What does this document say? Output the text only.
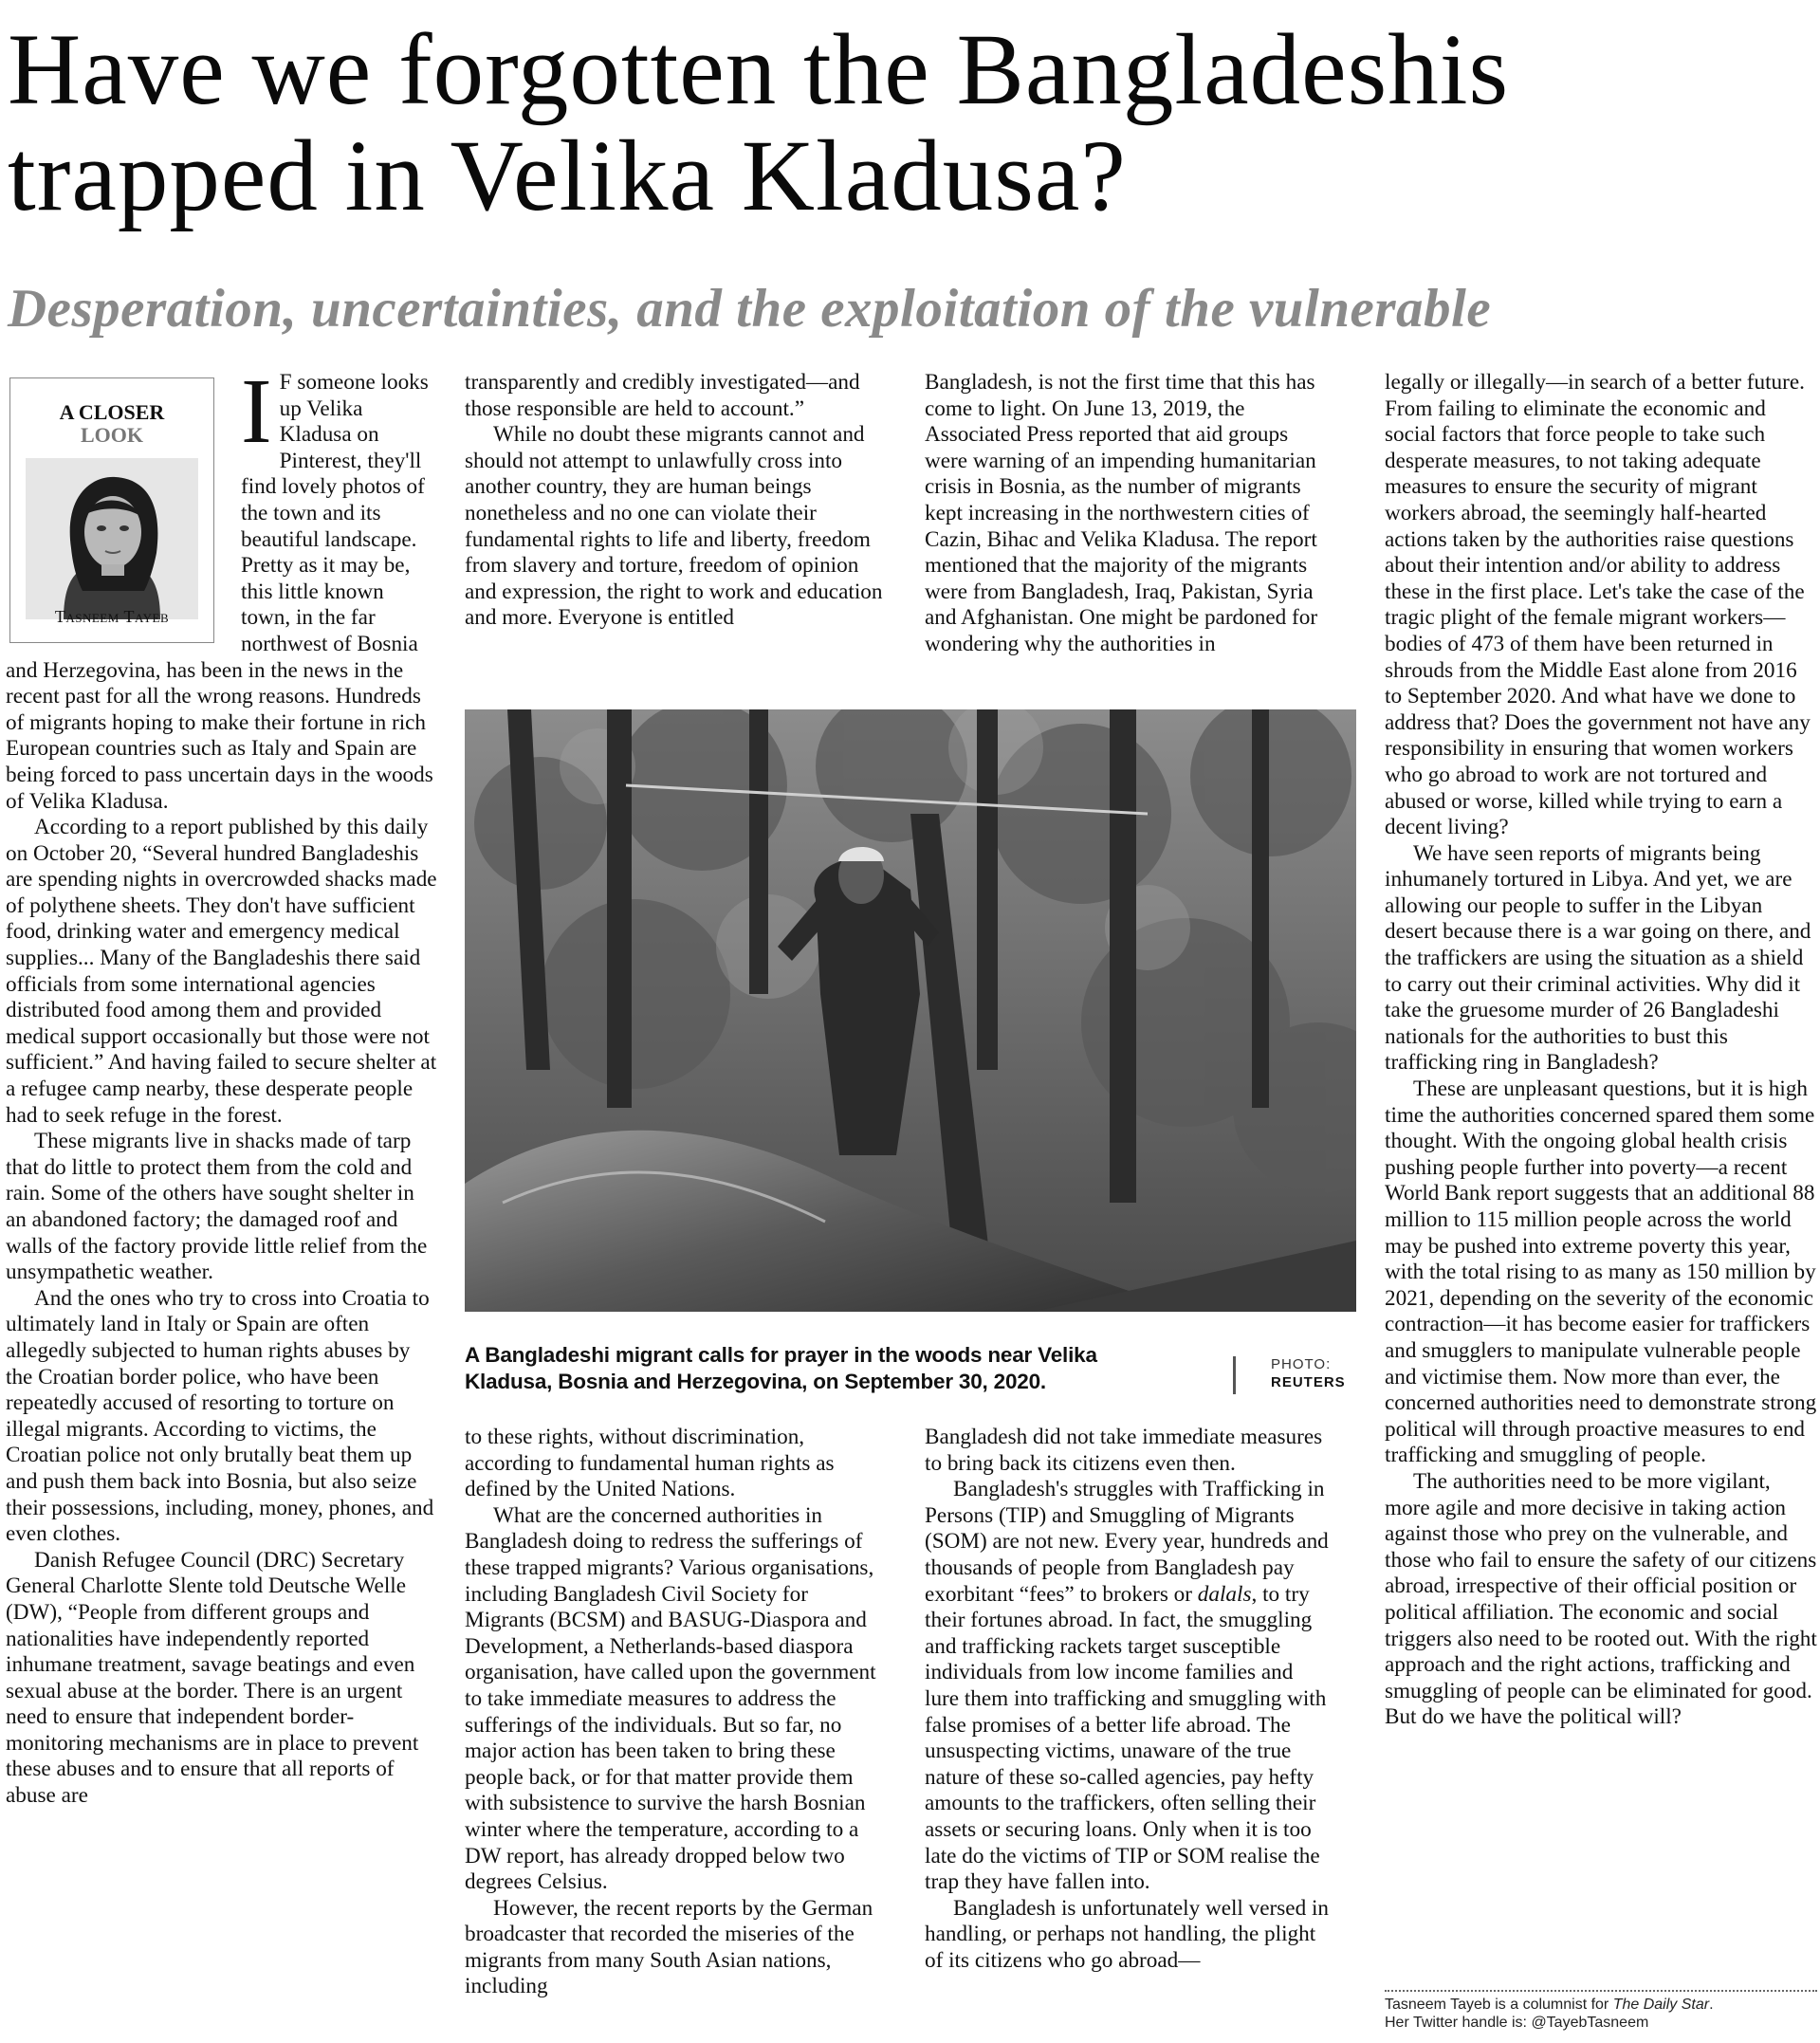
Have we forgotten the Bangladeshis
trapped in Velika Kladusa?
Desperation, uncertainties, and the exploitation of the vulnerable
A CLOSER
LOOK
Tasneem Tayeb

I F someone looks up Velika Kladusa on Pinterest, they'll find lovely photos of the town and its beautiful landscape. Pretty as it may be, this little known town, in the far northwest of Bosnia and Herzegovina, has been in the news in the recent past for all the wrong reasons. Hundreds of migrants hoping to make their fortune in rich European countries such as Italy and Spain are being forced to pass uncertain days in the woods of Velika Kladusa.

According to a report published by this daily on October 20, “Several hundred Bangladeshis are spending nights in overcrowded shacks made of polythene sheets. They don't have sufficient food, drinking water and emergency medical supplies... Many of the Bangladeshis there said officials from some international agencies distributed food among them and provided medical support occasionally but those were not sufficient.” And having failed to secure shelter at a refugee camp nearby, these desperate people had to seek refuge in the forest.

These migrants live in shacks made of tarp that do little to protect them from the cold and rain. Some of the others have sought shelter in an abandoned factory; the damaged roof and walls of the factory provide little relief from the unsympathetic weather.

And the ones who try to cross into Croatia to ultimately land in Italy or Spain are often allegedly subjected to human rights abuses by the Croatian border police, who have been repeatedly accused of resorting to torture on illegal migrants. According to victims, the Croatian police not only brutally beat them up and push them back into Bosnia, but also seize their possessions, including, money, phones, and even clothes.

Danish Refugee Council (DRC) Secretary General Charlotte Slente told Deutsche Welle (DW), “People from different groups and nationalities have independently reported inhumane treatment, savage beatings and even sexual abuse at the border. There is an urgent need to ensure that independent border-monitoring mechanisms are in place to prevent these abuses and to ensure that all reports of abuse are

transparently and credibly investigated—and those responsible are held to account.”

While no doubt these migrants cannot and should not attempt to unlawfully cross into another country, they are human beings nonetheless and no one can violate their fundamental rights to life and liberty, freedom from slavery and torture, freedom of opinion and expression, the right to work and education and more. Everyone is entitled

Bangladesh, is not the first time that this has come to light. On June 13, 2019, the Associated Press reported that aid groups were warning of an impending humanitarian crisis in Bosnia, as the number of migrants kept increasing in the northwestern cities of Cazin, Bihac and Velika Kladusa. The report mentioned that the majority of the migrants were from Bangladesh, Iraq, Pakistan, Syria and Afghanistan. One might be pardoned for wondering why the authorities in

A Bangladeshi migrant calls for prayer in the woods near Velika Kladusa, Bosnia and Herzegovina, on September 30, 2020.
PHOTO:
REUTERS

to these rights, without discrimination, according to fundamental human rights as defined by the United Nations.

What are the concerned authorities in Bangladesh doing to redress the sufferings of these trapped migrants? Various organisations, including Bangladesh Civil Society for Migrants (BCSM) and BASUG-Diaspora and Development, a Netherlands-based diaspora organisation, have called upon the government to take immediate measures to address the sufferings of the individuals. But so far, no major action has been taken to bring these people back, or for that matter provide them with subsistence to survive the harsh Bosnian winter where the temperature, according to a DW report, has already dropped below two degrees Celsius.

However, the recent reports by the German broadcaster that recorded the miseries of the migrants from many South Asian nations, including

Bangladesh did not take immediate measures to bring back its citizens even then.

Bangladesh's struggles with Trafficking in Persons (TIP) and Smuggling of Migrants (SOM) are not new. Every year, hundreds and thousands of people from Bangladesh pay exorbitant “fees” to brokers or dalals, to try their fortunes abroad. In fact, the smuggling and trafficking rackets target susceptible individuals from low income families and lure them into trafficking and smuggling with false promises of a better life abroad. The unsuspecting victims, unaware of the true nature of these so-called agencies, pay hefty amounts to the traffickers, often selling their assets or securing loans. Only when it is too late do the victims of TIP or SOM realise the trap they have fallen into.

Bangladesh is unfortunately well versed in handling, or perhaps not handling, the plight of its citizens who go abroad—

legally or illegally—in search of a better future. From failing to eliminate the economic and social factors that force people to take such desperate measures, to not taking adequate measures to ensure the security of migrant workers abroad, the seemingly half-hearted actions taken by the authorities raise questions about their intention and/or ability to address these in the first place. Let's take the case of the tragic plight of the female migrant workers—bodies of 473 of them have been returned in shrouds from the Middle East alone from 2016 to September 2020. And what have we done to address that? Does the government not have any responsibility in ensuring that women workers who go abroad to work are not tortured and abused or worse, killed while trying to earn a decent living?

We have seen reports of migrants being inhumanely tortured in Libya. And yet, we are allowing our people to suffer in the Libyan desert because there is a war going on there, and the traffickers are using the situation as a shield to carry out their criminal activities. Why did it take the gruesome murder of 26 Bangladeshi nationals for the authorities to bust this trafficking ring in Bangladesh?

These are unpleasant questions, but it is high time the authorities concerned spared them some thought. With the ongoing global health crisis pushing people further into poverty—a recent World Bank report suggests that an additional 88 million to 115 million people across the world may be pushed into extreme poverty this year, with the total rising to as many as 150 million by 2021, depending on the severity of the economic contraction—it has become easier for traffickers and smugglers to manipulate vulnerable people and victimise them. Now more than ever, the concerned authorities need to demonstrate strong political will through proactive measures to end trafficking and smuggling of people.

The authorities need to be more vigilant, more agile and more decisive in taking action against those who prey on the vulnerable, and those who fail to ensure the safety of our citizens abroad, irrespective of their official position or political affiliation. The economic and social triggers also need to be rooted out. With the right approach and the right actions, trafficking and smuggling of people can be eliminated for good. But do we have the political will?

Tasneem Tayeb is a columnist for The Daily Star.
Her Twitter handle is: @TayebTasneem
